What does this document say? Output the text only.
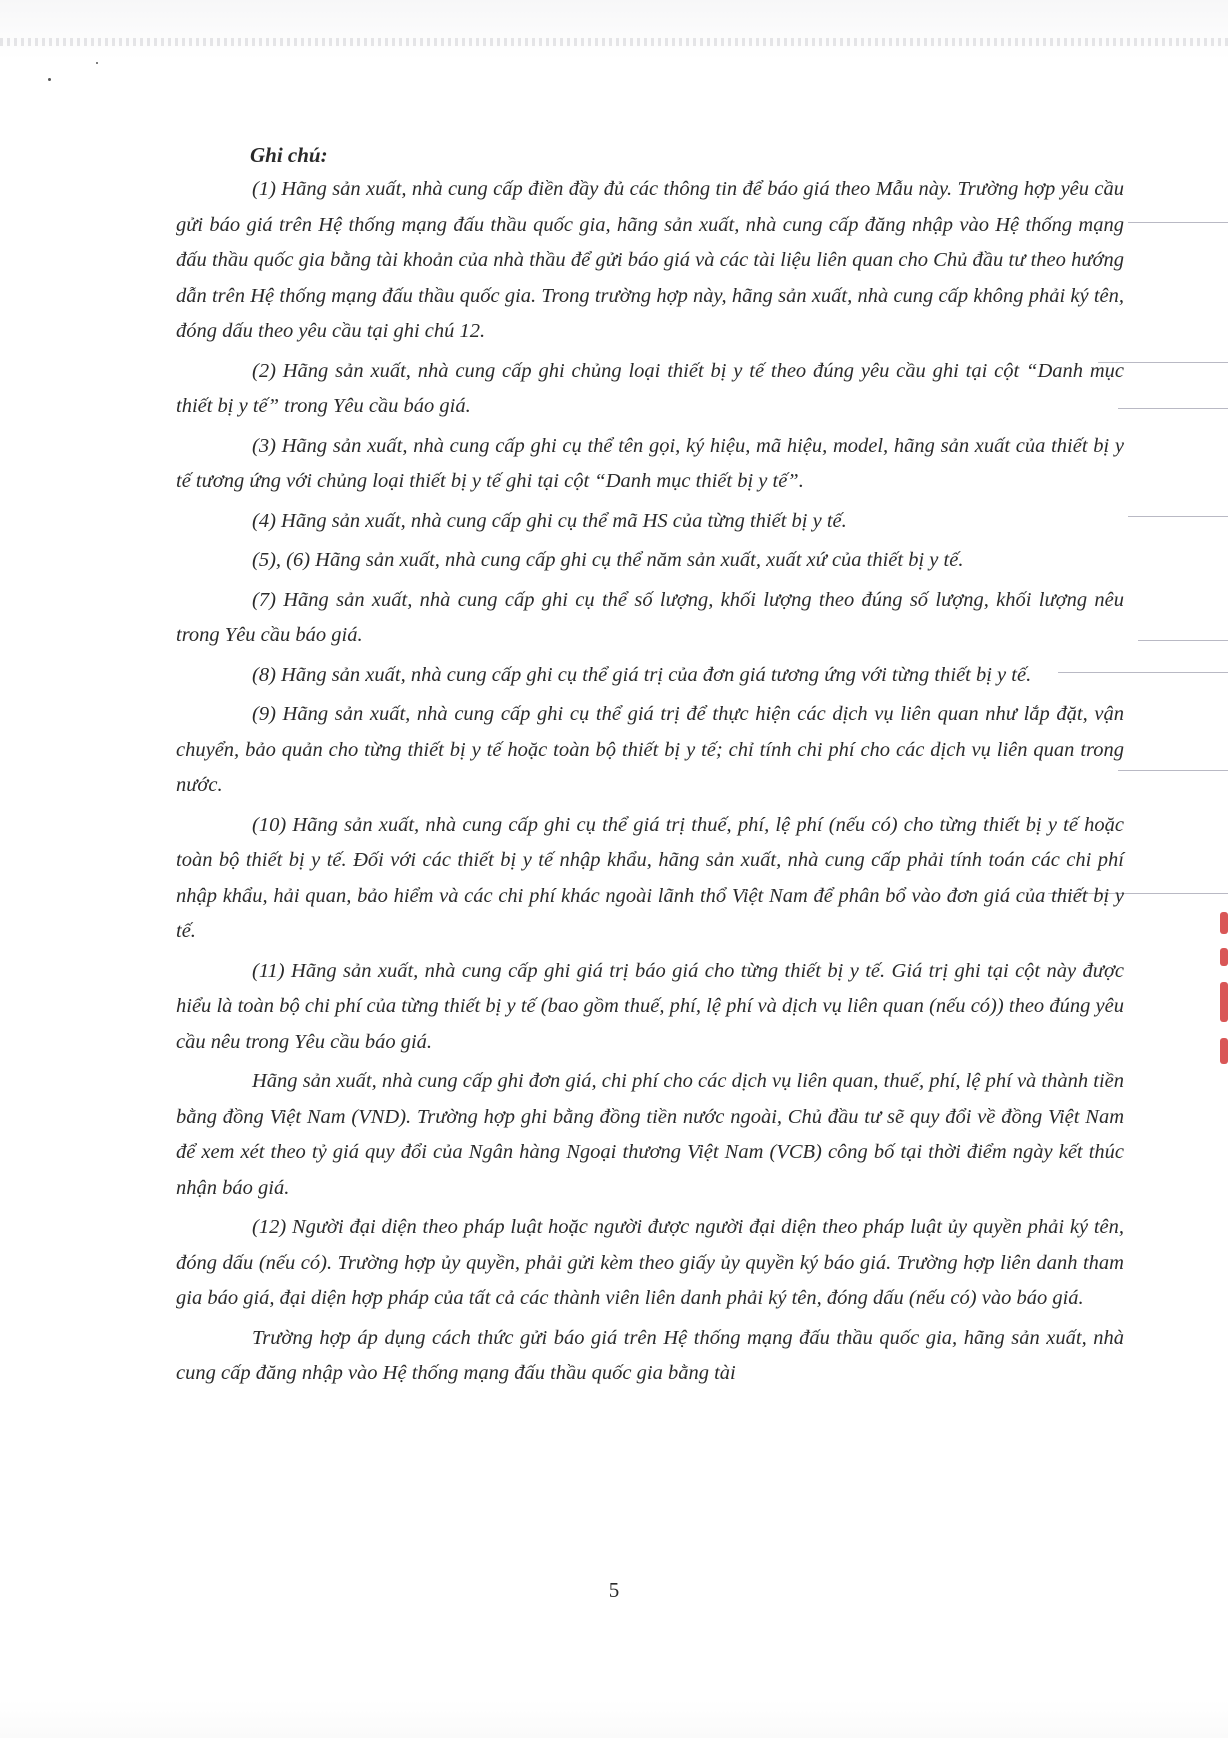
Ghi chú:

(1) Hãng sản xuất, nhà cung cấp điền đầy đủ các thông tin để báo giá theo Mẫu này. Trường hợp yêu cầu gửi báo giá trên Hệ thống mạng đấu thầu quốc gia, hãng sản xuất, nhà cung cấp đăng nhập vào Hệ thống mạng đấu thầu quốc gia bằng tài khoản của nhà thầu để gửi báo giá và các tài liệu liên quan cho Chủ đầu tư theo hướng dẫn trên Hệ thống mạng đấu thầu quốc gia. Trong trường hợp này, hãng sản xuất, nhà cung cấp không phải ký tên, đóng dấu theo yêu cầu tại ghi chú 12.

(2) Hãng sản xuất, nhà cung cấp ghi chủng loại thiết bị y tế theo đúng yêu cầu ghi tại cột “Danh mục thiết bị y tế” trong Yêu cầu báo giá.

(3) Hãng sản xuất, nhà cung cấp ghi cụ thể tên gọi, ký hiệu, mã hiệu, model, hãng sản xuất của thiết bị y tế tương ứng với chủng loại thiết bị y tế ghi tại cột “Danh mục thiết bị y tế”.

(4) Hãng sản xuất, nhà cung cấp ghi cụ thể mã HS của từng thiết bị y tế.

(5), (6) Hãng sản xuất, nhà cung cấp ghi cụ thể năm sản xuất, xuất xứ của thiết bị y tế.

(7) Hãng sản xuất, nhà cung cấp ghi cụ thể số lượng, khối lượng theo đúng số lượng, khối lượng nêu trong Yêu cầu báo giá.

(8) Hãng sản xuất, nhà cung cấp ghi cụ thể giá trị của đơn giá tương ứng với từng thiết bị y tế.

(9) Hãng sản xuất, nhà cung cấp ghi cụ thể giá trị để thực hiện các dịch vụ liên quan như lắp đặt, vận chuyển, bảo quản cho từng thiết bị y tế hoặc toàn bộ thiết bị y tế; chỉ tính chi phí cho các dịch vụ liên quan trong nước.

(10) Hãng sản xuất, nhà cung cấp ghi cụ thể giá trị thuế, phí, lệ phí (nếu có) cho từng thiết bị y tế hoặc toàn bộ thiết bị y tế. Đối với các thiết bị y tế nhập khẩu, hãng sản xuất, nhà cung cấp phải tính toán các chi phí nhập khẩu, hải quan, bảo hiểm và các chi phí khác ngoài lãnh thổ Việt Nam để phân bổ vào đơn giá của thiết bị y tế.

(11) Hãng sản xuất, nhà cung cấp ghi giá trị báo giá cho từng thiết bị y tế. Giá trị ghi tại cột này được hiểu là toàn bộ chi phí của từng thiết bị y tế (bao gồm thuế, phí, lệ phí và dịch vụ liên quan (nếu có)) theo đúng yêu cầu nêu trong Yêu cầu báo giá.

Hãng sản xuất, nhà cung cấp ghi đơn giá, chi phí cho các dịch vụ liên quan, thuế, phí, lệ phí và thành tiền bằng đồng Việt Nam (VND). Trường hợp ghi bằng đồng tiền nước ngoài, Chủ đầu tư sẽ quy đổi về đồng Việt Nam để xem xét theo tỷ giá quy đổi của Ngân hàng Ngoại thương Việt Nam (VCB) công bố tại thời điểm ngày kết thúc nhận báo giá.

(12) Người đại diện theo pháp luật hoặc người được người đại diện theo pháp luật ủy quyền phải ký tên, đóng dấu (nếu có). Trường hợp ủy quyền, phải gửi kèm theo giấy ủy quyền ký báo giá. Trường hợp liên danh tham gia báo giá, đại diện hợp pháp của tất cả các thành viên liên danh phải ký tên, đóng dấu (nếu có) vào báo giá.

Trường hợp áp dụng cách thức gửi báo giá trên Hệ thống mạng đấu thầu quốc gia, hãng sản xuất, nhà cung cấp đăng nhập vào Hệ thống mạng đấu thầu quốc gia bằng tài

5
